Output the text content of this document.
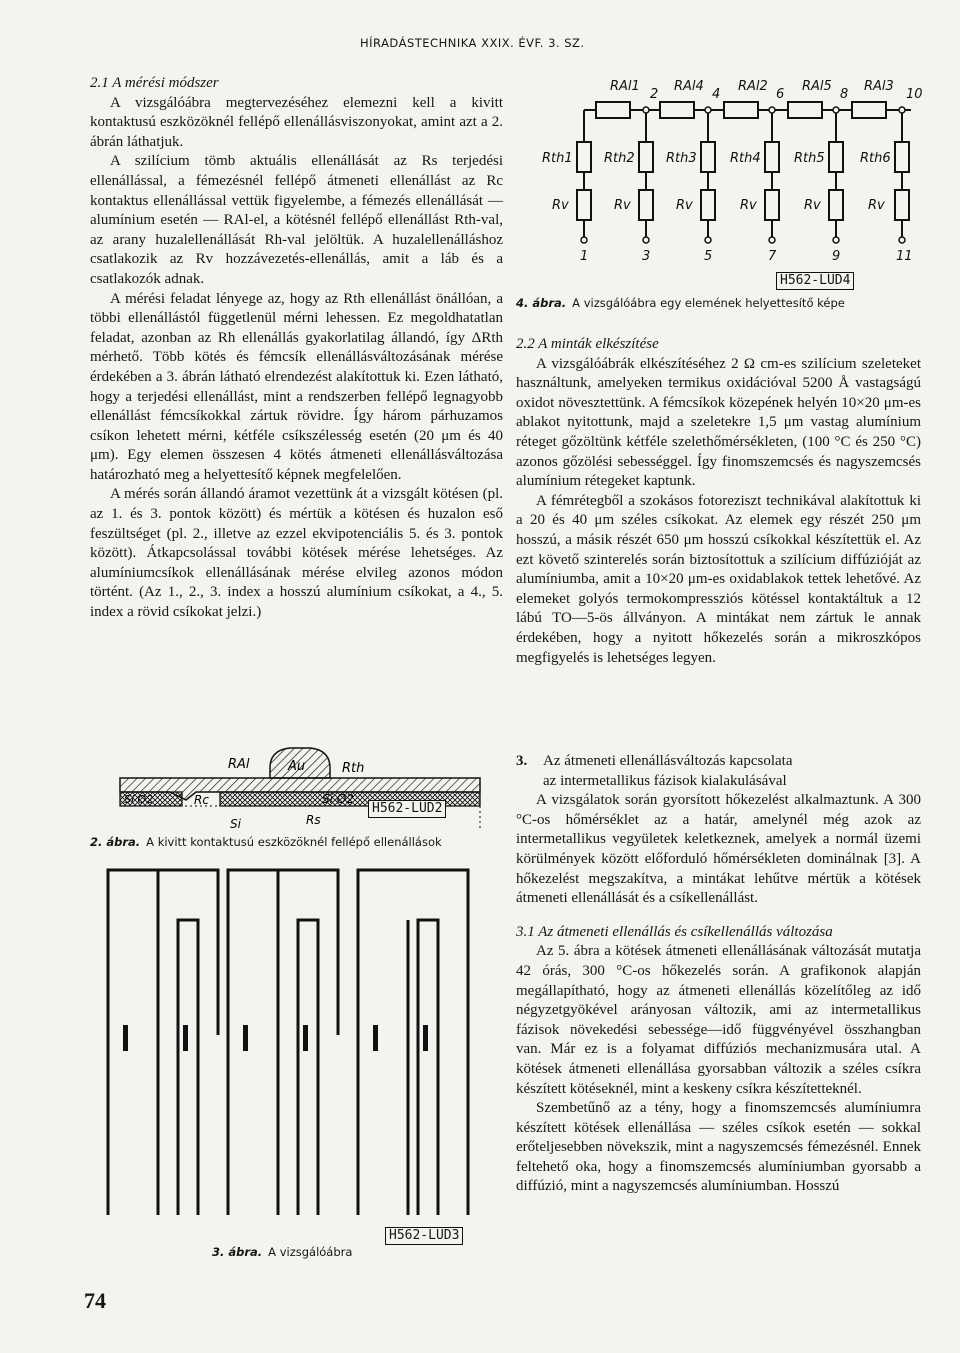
HÍRADÁSTECHNIKA XXIX. ÉVF. 3. SZ.

2.1 A mérési módszer

A vizsgálóábra megtervezéséhez elemezni kell a kivitt kontaktusú eszközöknél fellépő ellenállásviszonyokat, amint azt a 2. ábrán láthatjuk.

A szilícium tömb aktuális ellenállását az Rs terjedési ellenállással, a fémezésnél fellépő átmeneti ellenállást az Rc kontaktus ellenállással vettük figyelembe, a fémezés ellenállását — alumínium esetén — RAl-el, a kötésnél fellépő ellenállást Rth-val, az arany huzalellenállását Rh-val jelöltük. A huzalellenálláshoz csatlakozik az Rv hozzávezetés-ellenállás, amit a láb és a csatlakozók adnak.

A mérési feladat lényege az, hogy az Rth ellenállást önállóan, a többi ellenállástól függetlenül mérni lehessen. Ez megoldhatatlan feladat, azonban az Rh ellenállás gyakorlatilag állandó, így ΔRth mérhető. Több kötés és fémcsík ellenállásváltozásának mérése érdekében a 3. ábrán látható elrendezést alakítottuk ki. Ezen látható, hogy a terjedési ellenállást, mint a rendszerben fellépő legnagyobb ellenállást fémcsíkokkal zártuk rövidre. Így három párhuzamos csíkon lehetett mérni, kétféle csíkszélesség esetén (20 μm és 40 μm). Egy elemen összesen 4 kötés átmeneti ellenállásváltozása határozható meg a helyettesítő képnek megfelelően.

A mérés során állandó áramot vezettünk át a vizsgált kötésen (pl. az 1. és 3. pontok között) és mértük a kötésen és huzalon eső feszültséget (pl. 2., illetve az ezzel ekvipotenciális 5. és 3. pontok között). Átkapcsolással további kötések mérése lehetséges. Az alumíniumcsíkok ellenállásának mérése elvileg azonos módon történt. (Az 1., 2., 3. index a hosszú alumínium csíkokat, a 4., 5. index a rövid csíkokat jelzi.)

RAl1
2
RAl4
4
RAl2
6
RAl5
8
RAl3
10
Rth1 Rth2 Rth3	Rth4	Rth5	Rth6
Rv	Rv	Rv	Rv	Rv	Rv
1	3	5	7	9	11
H562-LUD4
4. ábra. A vizsgálóábra egy elemének helyettesítő képe

2.2 A minták elkészítése

A vizsgálóábrák elkészítéséhez 2 Ω cm-es szilícium szeleteket használtunk, amelyeken termikus oxidációval 5200 Å vastagságú oxidot növesztettünk. A fémcsíkok közepének helyén 10×20 μm-es ablakot nyitottunk, majd a szeletekre 1,5 μm vastag alumínium réteget gőzöltünk kétféle szelethőmérsékleten, (100 °C és 250 °C) azonos gőzölési sebességgel. Így finomszemcsés és nagyszemcsés alumínium rétegeket kaptunk.

A fémrétegből a szokásos fotoreziszt technikával alakítottuk ki a 20 és 40 μm széles csíkokat. Az elemek egy részét 250 μm hosszú, a másik részét 650 μm hosszú csíkokkal készítettük el. Az ezt követő szinterelés során biztosítottuk a szilícium diffúzióját az alumíniumba, amit a 10×20 μm-es oxidablakok tettek lehetővé. Az elemeket golyós termokompressziós kötéssel kontaktáltuk a 12 lábú TO—5-ös állványon. A mintákat nem zártuk le annak érdekében, hogy a nyitott hőkezelés során a mikroszkópos megfigyelés is lehetséges legyen.

Au
RAl	Rth
Si O2	Si O2
Rc
Rs
Si
H562-LUD2
2. ábra. A kivitt kontaktusú eszközöknél fellépő ellenállások
H562-LUD3
3. ábra. A vizsgálóábra

3. Az átmeneti ellenállásváltozás kapcsolata
az intermetallikus fázisok kialakulásával

A vizsgálatok során gyorsított hőkezelést alkalmaztunk. A 300 °C-os hőmérséklet az a határ, amelynél még azok az intermetallikus vegyületek keletkeznek, amelyek a normál üzemi körülmények között előforduló hőmérsékleten dominálnak [3]. A hőkezelést megszakítva, a mintákat lehűtve mértük a kötések átmeneti ellenállását és a csíkellenállást.

3.1 Az átmeneti ellenállás és csíkellenállás változása

Az 5. ábra a kötések átmeneti ellenállásának változását mutatja 42 órás, 300 °C-os hőkezelés során. A grafikonok alapján megállapítható, hogy az átmeneti ellenállás közelítőleg az idő négyzetgyökével arányosan változik, ami az intermetallikus fázisok növekedési sebessége—idő függvényével összhangban van. Már ez is a folyamat diffúziós mechanizmusára utal. A kötések átmeneti ellenállása gyorsabban változik a széles csíkra készített kötéseknél, mint a keskeny csíkra készítetteknél.

Szembetűnő az a tény, hogy a finomszemcsés alumíniumra készített kötések ellenállása — széles csíkok esetén — sokkal erőteljesebben növekszik, mint a nagyszemcsés fémezésnél. Ennek feltehető oka, hogy a finomszemcsés alumíniumban gyorsabb a diffúzió, mint a nagyszemcsés alumíniumban. Hosszú

74
